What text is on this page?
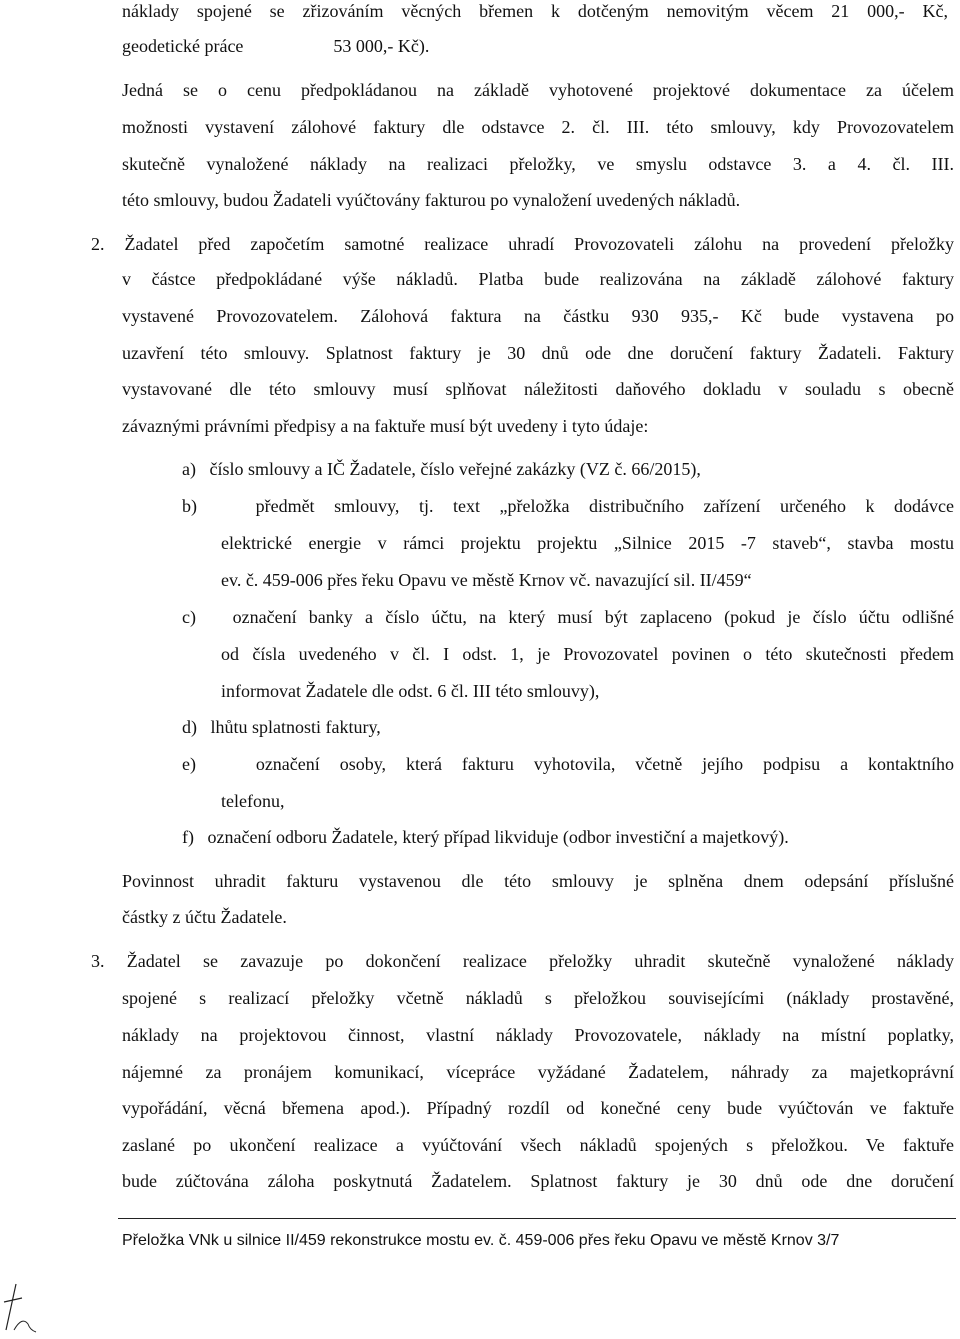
náklady spojené se zřizováním věcných břemen k dotčeným nemovitým věcem 21 000,- Kč,
geodetické práce                    53 000,- Kč).
Jedná se o cenu předpokládanou na základě vyhotovené projektové dokumentace za účelem
možnosti vystavení zálohové faktury dle odstavce 2. čl. III. této smlouvy, kdy Provozovatelem
skutečně vynaložené náklady na realizaci přeložky, ve smyslu odstavce 3. a 4. čl. III.
této smlouvy, budou Žadateli vyúčtovány fakturou po vynaložení uvedených nákladů.
2. Žadatel před započetím samotné realizace uhradí Provozovateli zálohu na provedení přeložky
v částce předpokládané výše nákladů. Platba bude realizována na základě zálohové faktury
vystavené Provozovatelem. Zálohová faktura na částku 930 935,- Kč bude vystavena po
uzavření této smlouvy. Splatnost faktury je 30 dnů ode dne doručení faktury Žadateli. Faktury
vystavované dle této smlouvy musí splňovat náležitosti daňového dokladu v souladu s obecně
závaznými právními předpisy a na faktuře musí být uvedeny i tyto údaje:
a)   číslo smlouvy a IČ Žadatele, číslo veřejné zakázky (VZ č. 66/2015),
b)   předmět smlouvy, tj. text „přeložka distribučního zařízení určeného k dodávce
elektrické energie v rámci projektu projektu „Silnice 2015 -7 staveb“, stavba mostu
ev. č. 459-006 přes řeku Opavu ve městě Krnov vč. navazující sil. II/459“
c)   označení banky a číslo účtu, na který musí být zaplaceno (pokud je číslo účtu odlišné
od čísla uvedeného v čl. I odst. 1, je Provozovatel povinen o této skutečnosti předem
informovat Žadatele dle odst. 6 čl. III této smlouvy),
d)   lhůtu splatnosti faktury,
e)   označení osoby, která fakturu vyhotovila, včetně jejího podpisu a kontaktního
telefonu,
f)   označení odboru Žadatele, který případ likviduje (odbor investiční a majetkový).
Povinnost uhradit fakturu vystavenou dle této smlouvy je splněna dnem odepsání příslušné
částky z účtu Žadatele.
3. Žadatel se zavazuje po dokončení realizace přeložky uhradit skutečně vynaložené náklady
spojené s realizací přeložky včetně nákladů s přeložkou souvisejícími (náklady prostavěné,
náklady na projektovou činnost, vlastní náklady Provozovatele, náklady na místní poplatky,
nájemné za pronájem komunikací, vícepráce vyžádané Žadatelem, náhrady za majetkoprávní
vypořádání, věcná břemena apod.). Případný rozdíl od konečné ceny bude vyúčtován ve faktuře
zaslané po ukončení realizace a vyúčtování všech nákladů spojených s přeložkou. Ve faktuře
bude zúčtována záloha poskytnutá Žadatelem. Splatnost faktury je 30 dnů ode dne doručení
Přeložka VNk u silnice II/459 rekonstrukce mostu ev. č. 459-006 přes řeku Opavu ve městě Krnov 3/7
